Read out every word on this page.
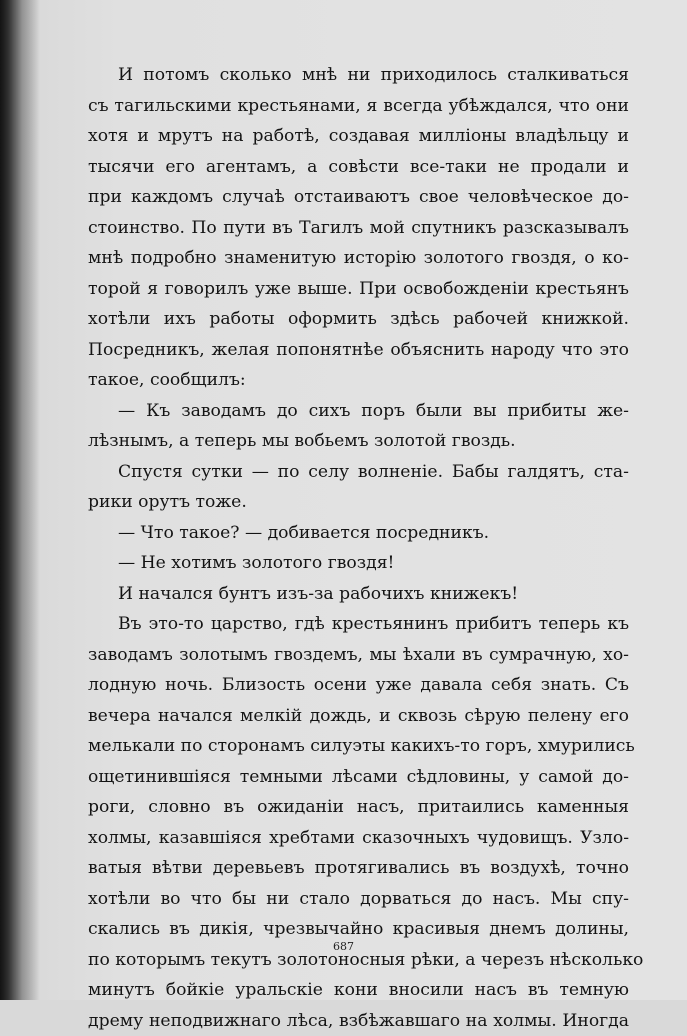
И потомъ сколько мнѣ ни приходилось сталкиваться
съ тагильскими крестьянами, я всегда убѣждался, что они
хотя и мрутъ на работѣ, создавая милліоны владѣльцу и
тысячи его агентамъ, а совѣсти все-таки не продали и
при каждомъ случаѣ отстаиваютъ свое человѣческое до-
стоинство. По пути въ Тагилъ мой спутникъ разсказывалъ
мнѣ подробно знаменитую исторію золотого гвоздя, о ко-
торой я говорилъ уже выше. При освобожденіи крестьянъ
хотѣли ихъ работы оформить здѣсь рабочей книжкой.
Посредникъ, желая попонятнѣе объяснить народу что это
такое, сообщилъ:
— Къ заводамъ до сихъ поръ были вы прибиты же-
лѣзнымъ, а теперь мы вобьемъ золотой гвоздь.
Спустя сутки — по селу волненіе. Бабы галдятъ, ста-
рики орутъ тоже.
— Что такое? — добивается посредникъ.
— Не хотимъ золотого гвоздя!
И начался бунтъ изъ-за рабочихъ книжекъ!
Въ это-то царство, гдѣ крестьянинъ прибитъ теперь къ
заводамъ золотымъ гвоздемъ, мы ѣхали въ сумрачную, хо-
лодную ночь. Близость осени уже давала себя знать. Съ
вечера начался мелкій дождь, и сквозь сѣрую пелену его
мелькали по сторонамъ силуэты какихъ-то горъ, хмурились
ощетинившіяся темными лѣсами сѣдловины, у самой до-
роги, словно въ ожиданіи насъ, притаились каменныя
холмы, казавшіяся хребтами сказочныхъ чудовищъ. Узло-
ватыя вѣтви деревьевъ протягивались въ воздухѣ, точно
хотѣли во что бы ни стало дорваться до насъ. Мы спу-
скались въ дикія, чрезвычайно красивыя днемъ долины,
по которымъ текутъ золотоносныя рѣки, а черезъ нѣсколько
минутъ бойкіе уральскіе кони вносили насъ въ темную
дрему неподвижнаго лѣса, взбѣжавшаго на холмы. Иногда
687
